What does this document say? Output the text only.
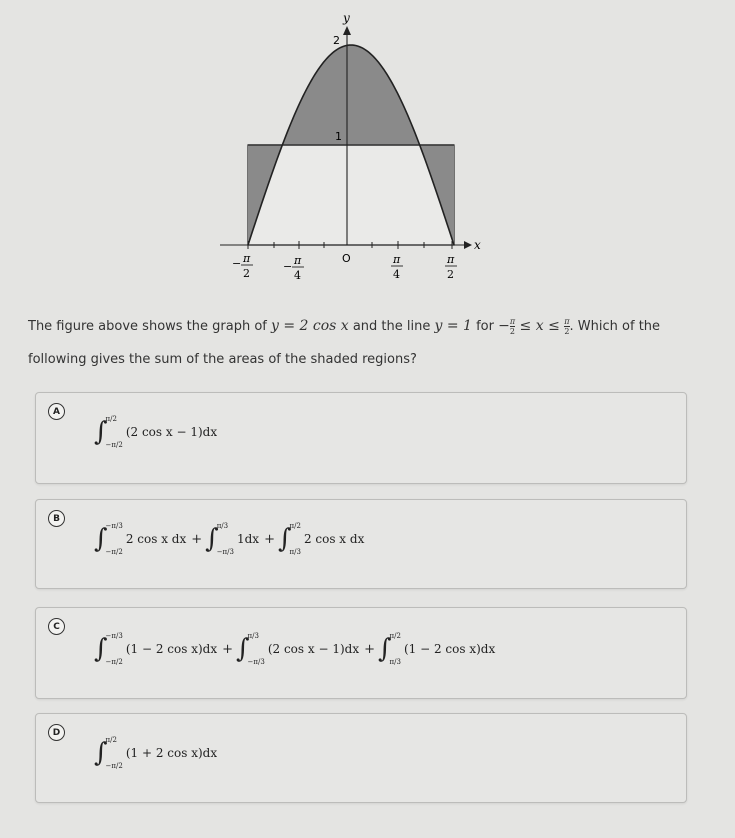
y
x
2
1
O
− π
2
− π
4
π
4
π
2
The figure above shows the graph of y = 2 cos x and the line y = 1 for − $\frac{\pi}{2} \le x \le \frac{\pi}{2}$ . Which of the
following gives the sum of the areas of the shaded regions?
A
∫
π/2
−π/2
(2 cos x − 1)dx
B
∫
−π/3
−π/2
2 cos x dx + ∫
π/3
−π/3
1dx + ∫
π/2
π/3
2 cos x dx
C
∫
−π/3
−π/2
(1 − 2 cos x)dx + ∫
π/3
−π/3
(2 cos x − 1)dx + ∫
π/2
π/3
(1 − 2 cos x)dx
D
∫
π/2
−π/2
(1 + 2 cos x)dx
